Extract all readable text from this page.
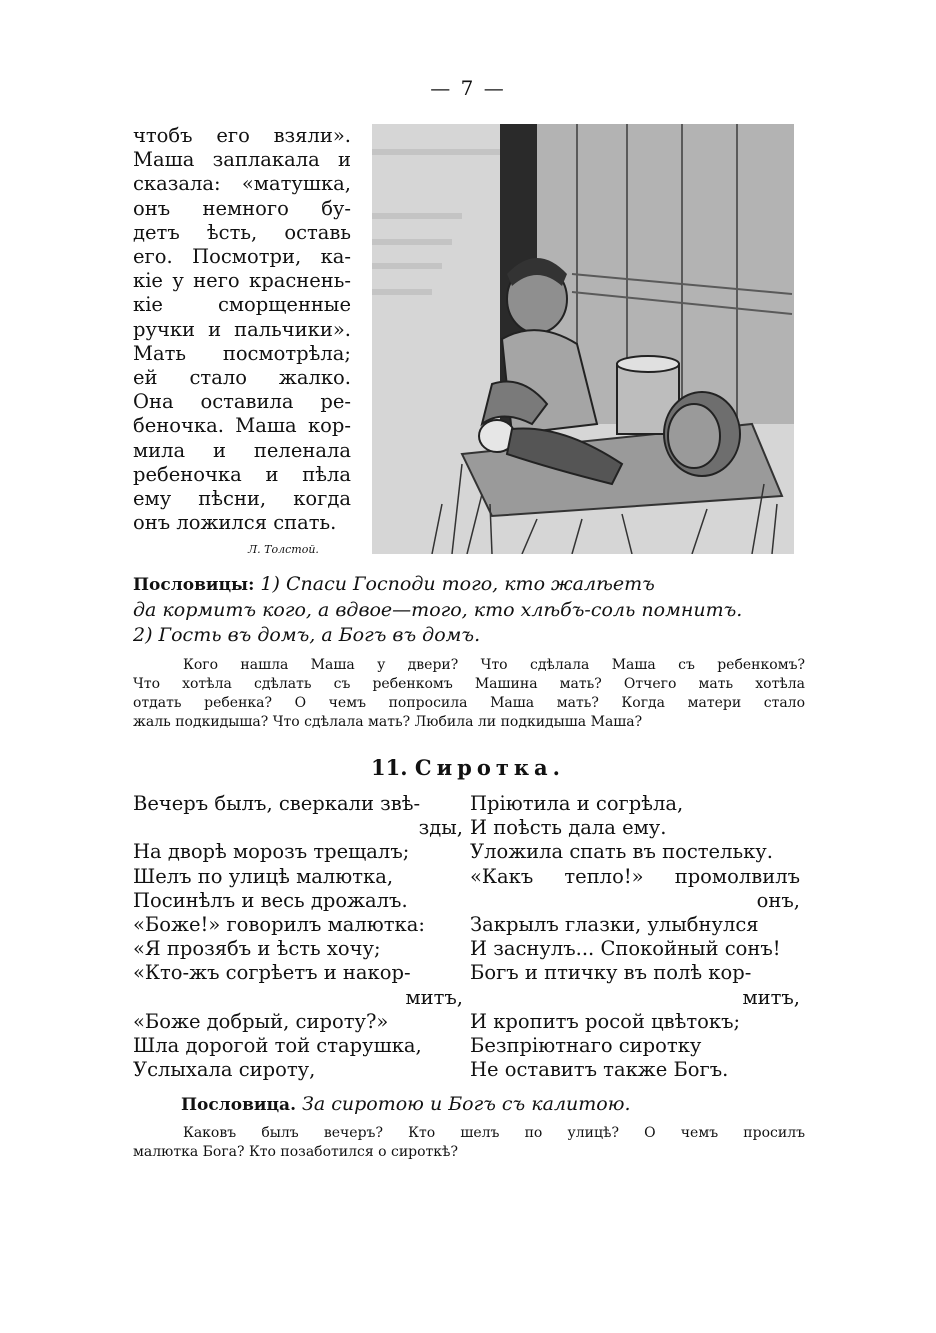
— 7 —
чтобъ его взяли».
Маша заплакала и
сказала: «матушка,
онъ немного бу-
детъ ѣсть, оставь
его. Посмотри, ка-
кіе у него краснень-
кіе сморщенные
ручки и пальчики».
Мать посмотрѣла;
ей стало жалко.
Она оставила ре-
беночка. Маша кор-
мила и пеленала
ребеночка и пѣла
ему пѣсни, когда
онъ ложился спать.
Л. Толстой.
Пословицы: 1) Спаси Господи того, кто жалѣетъ
да кормитъ кого, а вдвое—того, кто хлѣбъ-соль помнитъ.
2) Гость въ домъ, а Богъ въ домъ.
Кого нашла Маша у двери? Что сдѣлала Маша съ ребенкомъ?
Что хотѣла сдѣлать съ ребенкомъ Машина мать? Отчего мать хотѣла
отдать ребенка? О чемъ попросила Маша мать? Когда матери стало
жаль подкидыша? Что сдѣлала мать? Любила ли подкидыша Маша?
11. Сиротка.
Вечеръ былъ, сверкали звѣ-
зды,
На дворѣ морозъ трещалъ;
Шелъ по улицѣ малютка,
Посинѣлъ и весь дрожалъ.
«Боже!» говорилъ малютка:
«Я прозябъ и ѣсть хочу;
«Кто-жъ согрѣетъ и накор-
митъ,
«Боже добрый, сироту?»
Шла дорогой той старушка,
Услыхала сироту,
Пріютила и согрѣла,
И поѣсть дала ему.
Уложила спать въ постельку.
«Какъ тепло!» промолвилъ
онъ,
Закрылъ глазки, улыбнулся
И заснулъ... Спокойный сонъ!
Богъ и птичку въ полѣ кор-
митъ,
И кропитъ росой цвѣтокъ;
Безпріютнаго сиротку
Не оставитъ также Богъ.
Пословица. За сиротою и Богъ съ калитою.
Каковъ былъ вечеръ? Кто шелъ по улицѣ? О чемъ просилъ
малютка Бога? Кто позаботился о сироткѣ?
